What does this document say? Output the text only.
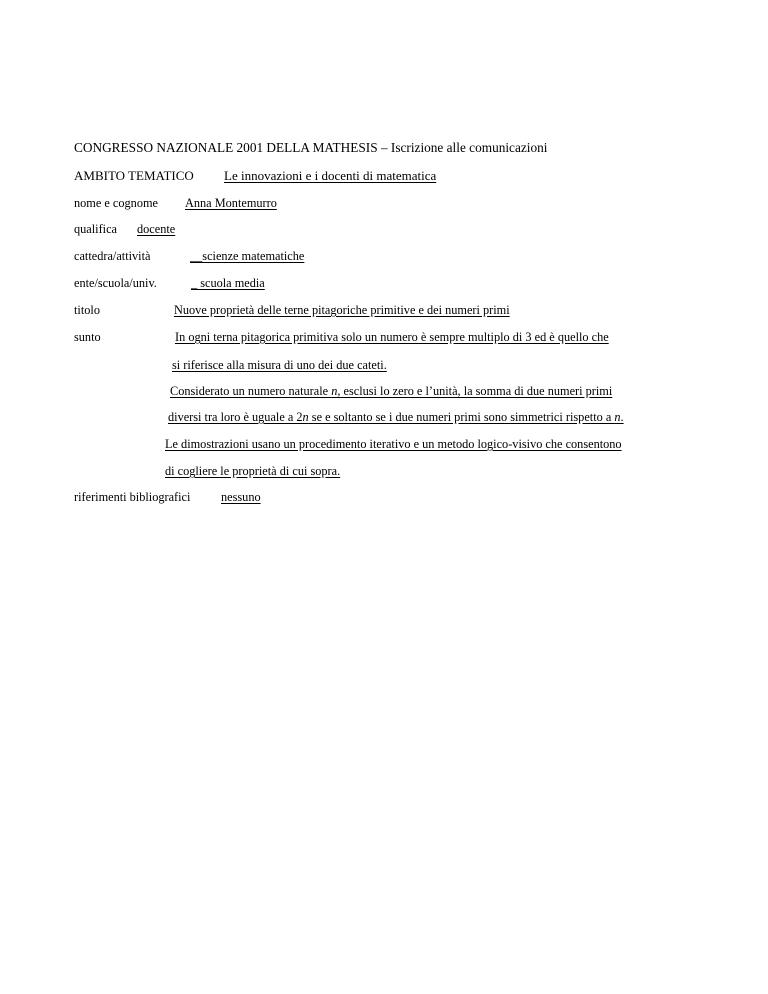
CONGRESSO NAZIONALE 2001 DELLA MATHESIS – Iscrizione alle comunicazioni
AMBITO TEMATICO Le innovazioni e i docenti di matematica
nome e cognome Anna Montemurro
qualifica docente
cattedra/attività	__scienze matematiche
ente/scuola/univ.	_ scuola media
titolo	Nuove proprietà delle terne pitagoriche primitive e dei numeri primi
sunto	In ogni terna pitagorica primitiva solo un numero è sempre multiplo di 3 ed è quello che
si riferisce alla misura di uno dei due cateti.
Considerato un numero naturale n, esclusi lo zero e l’unità, la somma di due numeri primi
diversi tra loro è uguale a 2n se e soltanto se i due numeri primi sono simmetrici rispetto a n.
Le dimostrazioni usano un procedimento iterativo e un metodo logico-visivo che consentono
di cogliere le proprietà di cui sopra.
riferimenti bibliografici nessuno
